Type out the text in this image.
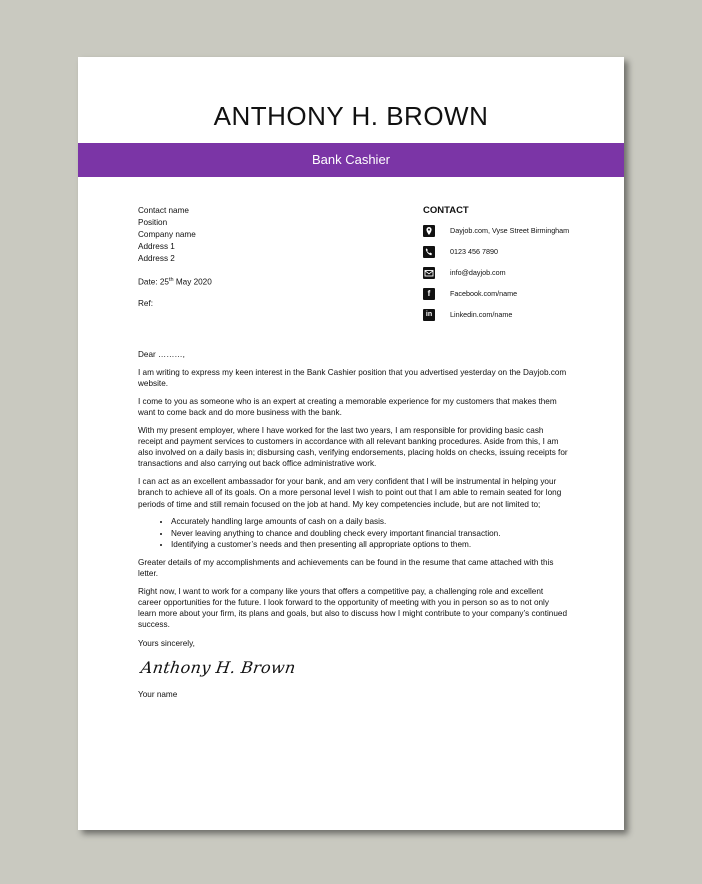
ANTHONY H. BROWN
Bank Cashier
Contact name
Position
Company name
Address 1
Address 2
Date: 25th May 2020
Ref:
CONTACT
Dayjob.com, Vyse Street Birmingham
0123 456 7890
info@dayjob.com
f	Facebook.com/name
in	Linkedin.com/name

Dear ………,

I am writing to express my keen interest in the Bank Cashier position that you advertised yesterday on the Dayjob.com website.

I come to you as someone who is an expert at creating a memorable experience for my customers that makes them want to come back and do more business with the bank.

With my present employer, where I have worked for the last two years, I am responsible for providing basic cash receipt and payment services to customers in accordance with all relevant banking procedures. Aside from this, I am also involved on a daily basis in; disbursing cash, verifying endorsements, placing holds on checks, issuing receipts for transactions and also carrying out back office administrative work.

I can act as an excellent ambassador for your bank, and am very confident that I will be instrumental in helping your branch to achieve all of its goals. On a more personal level I wish to point out that I am able to remain seated for long periods of time and still remain focused on the job at hand. My key competencies include, but are not limited to;

• Accurately handling large amounts of cash on a daily basis.
• Never leaving anything to chance and doubling check every important financial transaction.
• Identifying a customer’s needs and then presenting all appropriate options to them.

Greater details of my accomplishments and achievements can be found in the resume that came attached with this letter.

Right now, I want to work for a company like yours that offers a competitive pay, a challenging role and excellent career opportunities for the future. I look forward to the opportunity of meeting with you in person so as to not only learn more about your firm, its plans and goals, but also to discuss how I might contribute to your company’s continued success.

Yours sincerely,

Anthony H. Brown

Your name
